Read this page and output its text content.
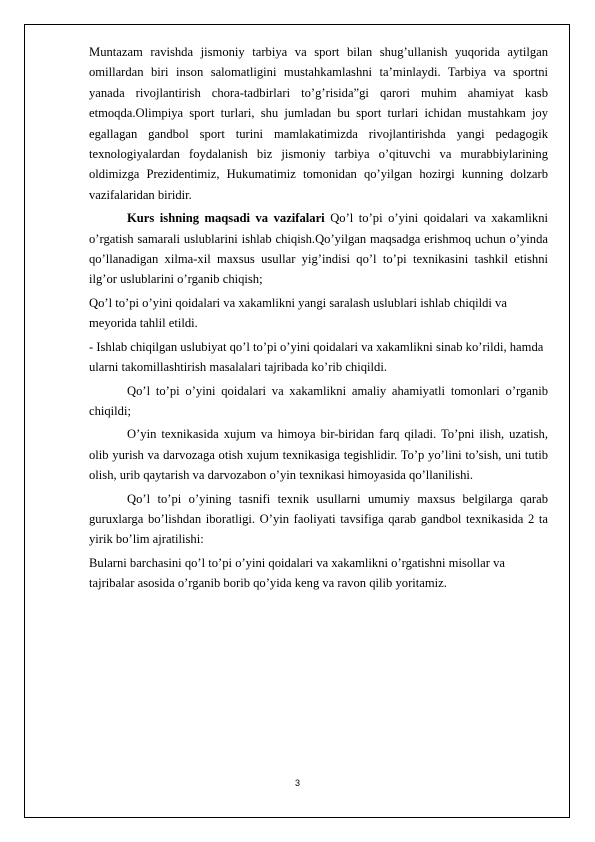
Muntazam ravishda jismoniy tarbiya va sport bilan shug’ullanish yuqorida aytilgan omillardan biri inson salomatligini mustahkamlashni ta’minlaydi. Tarbiya va sportni yanada rivojlantirish chora-tadbirlari to’g’risida”gi qarori muhim ahamiyat kasb etmoqda.Olimpiya sport turlari, shu jumladan bu sport turlari ichidan mustahkam joy egallagan gandbol sport turini mamlakatimizda rivojlantirishda yangi pedagogik texnologiyalardan foydalanish biz jismoniy tarbiya o’qituvchi va murabbiylarining oldimizga Prezidentimiz, Hukumatimiz tomonidan qo’yilgan hozirgi kunning dolzarb vazifalaridan biridir.

Kurs ishning maqsadi va vazifalari Qo’l to’pi o’yini qoidalari va xakamlikni o’rgatish samarali uslublarini ishlab chiqish.Qo’yilgan maqsadga erishmoq uchun o’yinda qo’llanadigan xilma-xil maxsus usullar yig’indisi qo’l to’pi texnikasini tashkil etishni ilg’or uslublarini o’rganib chiqish;

Qo’l to’pi o’yini qoidalari va xakamlikni yangi saralash uslublari ishlab chiqildi va meyorida tahlil etildi.

- Ishlab chiqilgan uslubiyat qo’l to’pi o’yini qoidalari va xakamlikni sinab ko’rildi, hamda ularni takomillashtirish masalalari tajribada ko’rib chiqildi.

Qo’l to’pi o’yini qoidalari va xakamlikni amaliy ahamiyatli tomonlari o’rganib chiqildi;

O’yin texnikasida xujum va himoya bir-biridan farq qiladi. To’pni ilish, uzatish, olib yurish va darvozaga otish xujum texnikasiga tegishlidir. To’p yo’lini to’sish, uni tutib olish, urib qaytarish va darvozabon o’yin texnikasi himoyasida qo’llanilishi.

Qo’l to’pi o’yining tasnifi texnik usullarni umumiy maxsus belgilarga qarab guruxlarga bo’lishdan iboratligi. O’yin faoliyati tavsifiga qarab gandbol texnikasida 2 ta yirik bo’lim ajratilishi:

Bularni barchasini qo’l to’pi o’yini qoidalari va xakamlikni o’rgatishni misollar va tajribalar asosida o’rganib borib qo’yida keng va ravon qilib yoritamiz.

3
